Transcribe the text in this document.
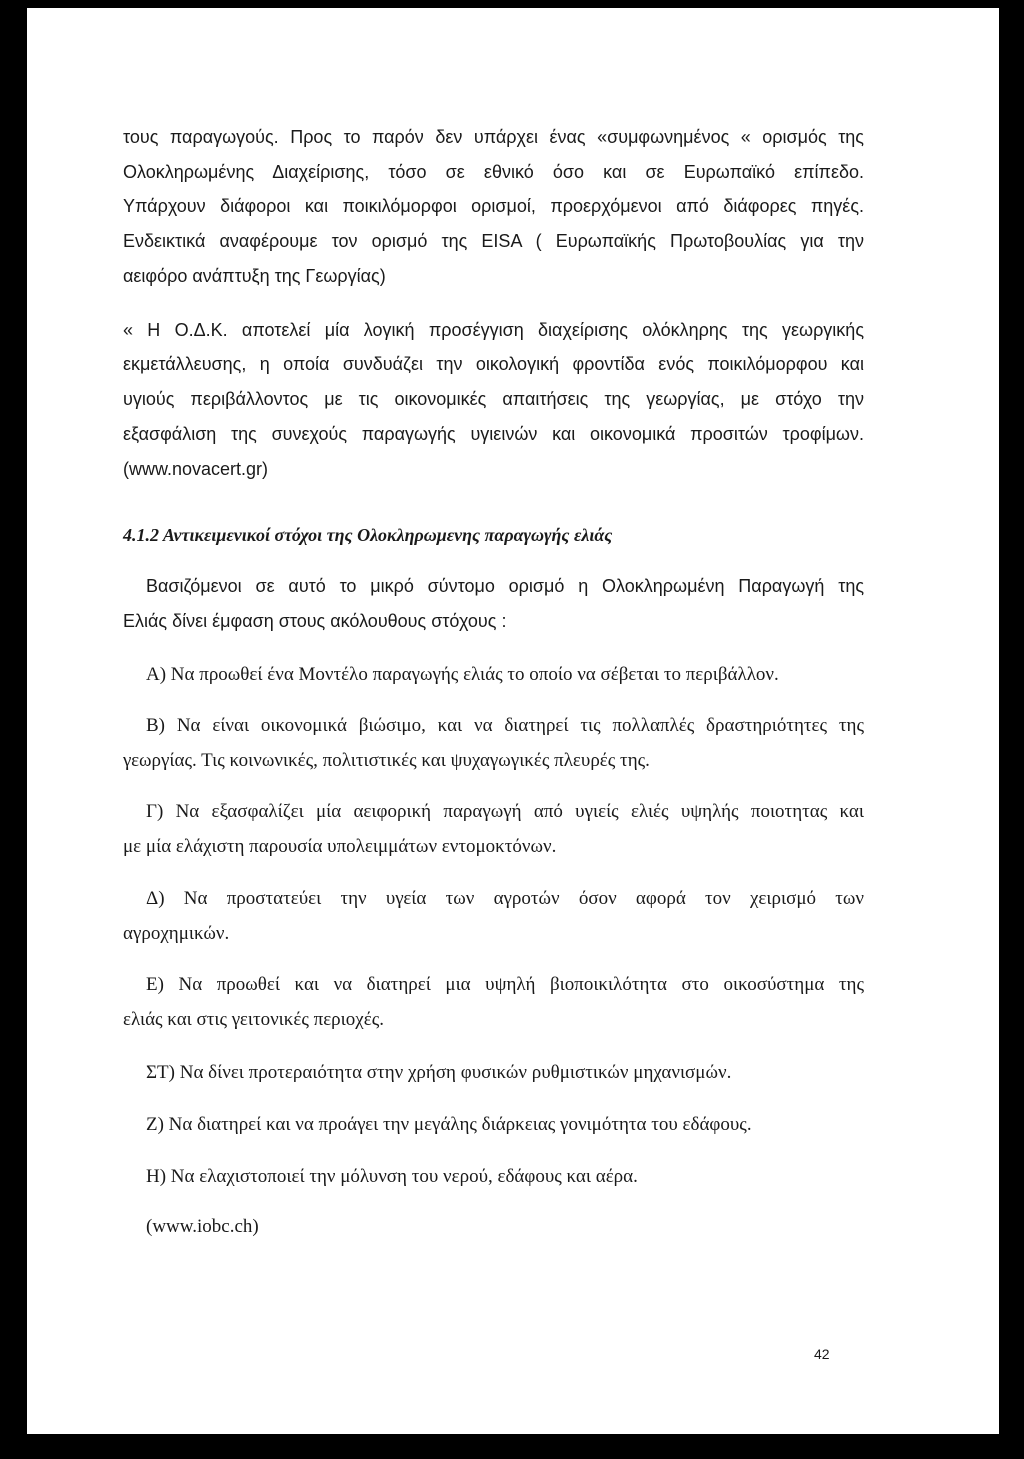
τους παραγωγούς. Προς το παρόν δεν υπάρχει ένας «συμφωνημένος « ορισμός της
Ολοκληρωμένης Διαχείρισης, τόσο σε εθνικό όσο και σε Ευρωπαϊκό επίπεδο.
Υπάρχουν διάφοροι και ποικιλόμορφοι ορισμοί, προερχόμενοι από διάφορες πηγές.
Ενδεικτικά αναφέρουμε τον ορισμό της EISA ( Ευρωπαϊκής Πρωτοβουλίας για την
αειφόρο ανάπτυξη της Γεωργίας)
« Η Ο.Δ.Κ. αποτελεί μία λογική προσέγγιση διαχείρισης ολόκληρης της γεωργικής
εκμετάλλευσης, η οποία συνδυάζει την οικολογική φροντίδα ενός ποικιλόμορφου και
υγιούς περιβάλλοντος με τις οικονομικές απαιτήσεις της γεωργίας, με στόχο την
εξασφάλιση της συνεχούς παραγωγής υγιεινών και οικονομικά προσιτών τροφίμων.
(www.novacert.gr)
4.1.2 Αντικειμενικοί στόχοι της Ολοκληρωμενης παραγωγής ελιάς
Βασιζόμενοι σε αυτό το μικρό σύντομο ορισμό η Ολοκληρωμένη Παραγωγή της
Ελιάς δίνει έμφαση στους ακόλουθους στόχους :
Α) Να προωθεί ένα Μοντέλο παραγωγής ελιάς το οποίο να σέβεται το περιβάλλον.
Β) Να είναι οικονομικά βιώσιμο, και να διατηρεί τις πολλαπλές δραστηριότητες της
γεωργίας. Τις κοινωνικές, πολιτιστικές και ψυχαγωγικές πλευρές της.
Γ) Να εξασφαλίζει μία αειφορική παραγωγή από υγιείς ελιές υψηλής ποιοτητας και
με μία ελάχιστη παρουσία υπολειμμάτων εντομοκτόνων.
Δ) Να προστατεύει την υγεία των αγροτών όσον αφορά τον χειρισμό των
αγροχημικών.
Ε) Να προωθεί και να διατηρεί μια υψηλή βιοποικιλότητα στο οικοσύστημα της
ελιάς και στις γειτονικές περιοχές.
ΣΤ) Να δίνει προτεραιότητα στην χρήση φυσικών ρυθμιστικών μηχανισμών.
Ζ) Να διατηρεί και να προάγει την μεγάλης διάρκειας γονιμότητα του εδάφους.
Η) Να ελαχιστοποιεί την μόλυνση του νερού, εδάφους και αέρα.
(www.iobc.ch)
42
